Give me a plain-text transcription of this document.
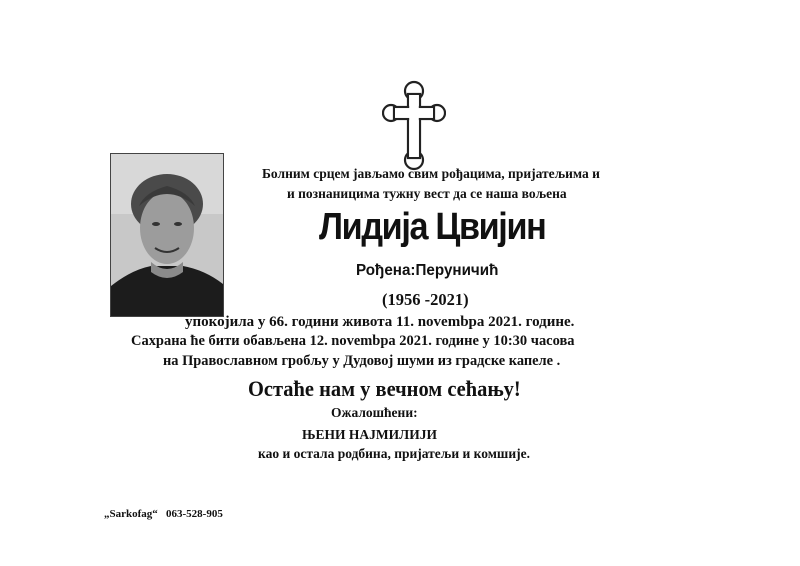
Болним срцем јављамо свим рођацима, пријатељима и
и познаницима тужну вест да се наша вољена
Лидија Цвијин
Рођена:Перуничић
(1956 -2021)
упокојила у 66. години живота 11. novembра 2021. године.
Сахрана ће бити обављена 12. novembра 2021. године у 10:30 часова
на Православном гробљу у Дудовој шуми из градске капеле .
Остаће нам у вечном сећању!
Ожалошћени:
ЊЕНИ НАЈМИЛИЈИ
као и остала родбина, пријатељи и комшије.
„Sarkofag“ 063-528-905
